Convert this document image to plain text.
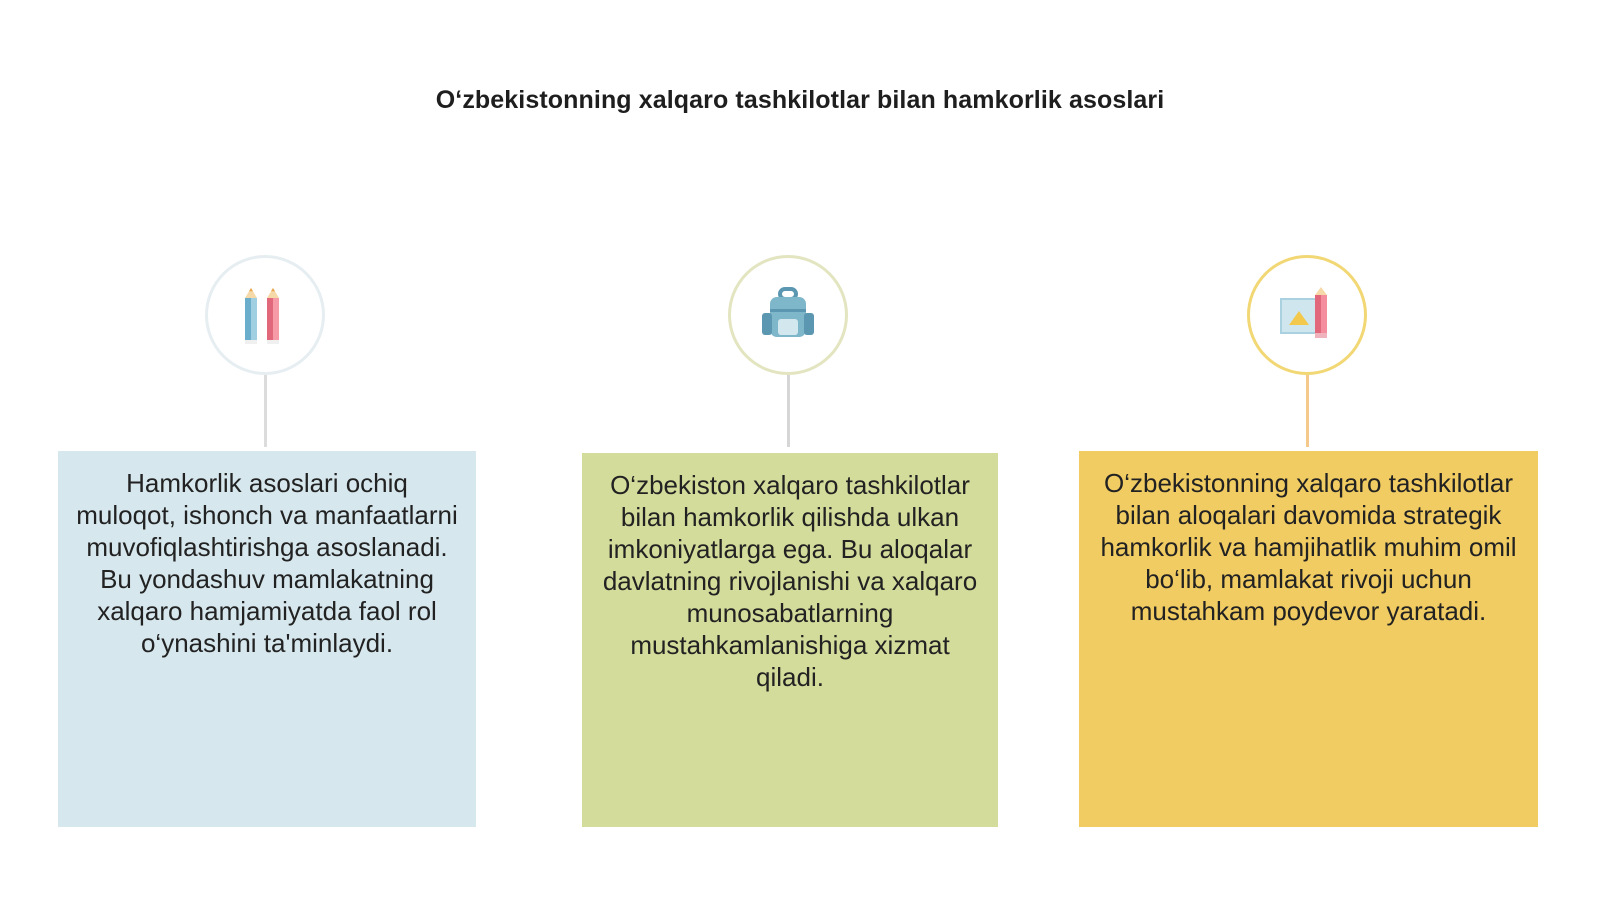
O‘zbekistonning xalqaro tashkilotlar bilan hamkorlik asoslari
Hamkorlik asoslari ochiq muloqot, ishonch va manfaatlarni muvofiqlashtirishga asoslanadi. Bu yondashuv mamlakatning xalqaro hamjamiyatda faol rol o‘ynashini ta'minlaydi.
O‘zbekiston xalqaro tashkilotlar bilan hamkorlik qilishda ulkan imkoniyatlarga ega. Bu aloqalar davlatning rivojlanishi va xalqaro munosabatlarning mustahkamlanishiga xizmat qiladi.
O‘zbekistonning xalqaro tashkilotlar bilan aloqalari davomida strategik hamkorlik va hamjihatlik muhim omil bo‘lib, mamlakat rivoji uchun mustahkam poydevor yaratadi.
